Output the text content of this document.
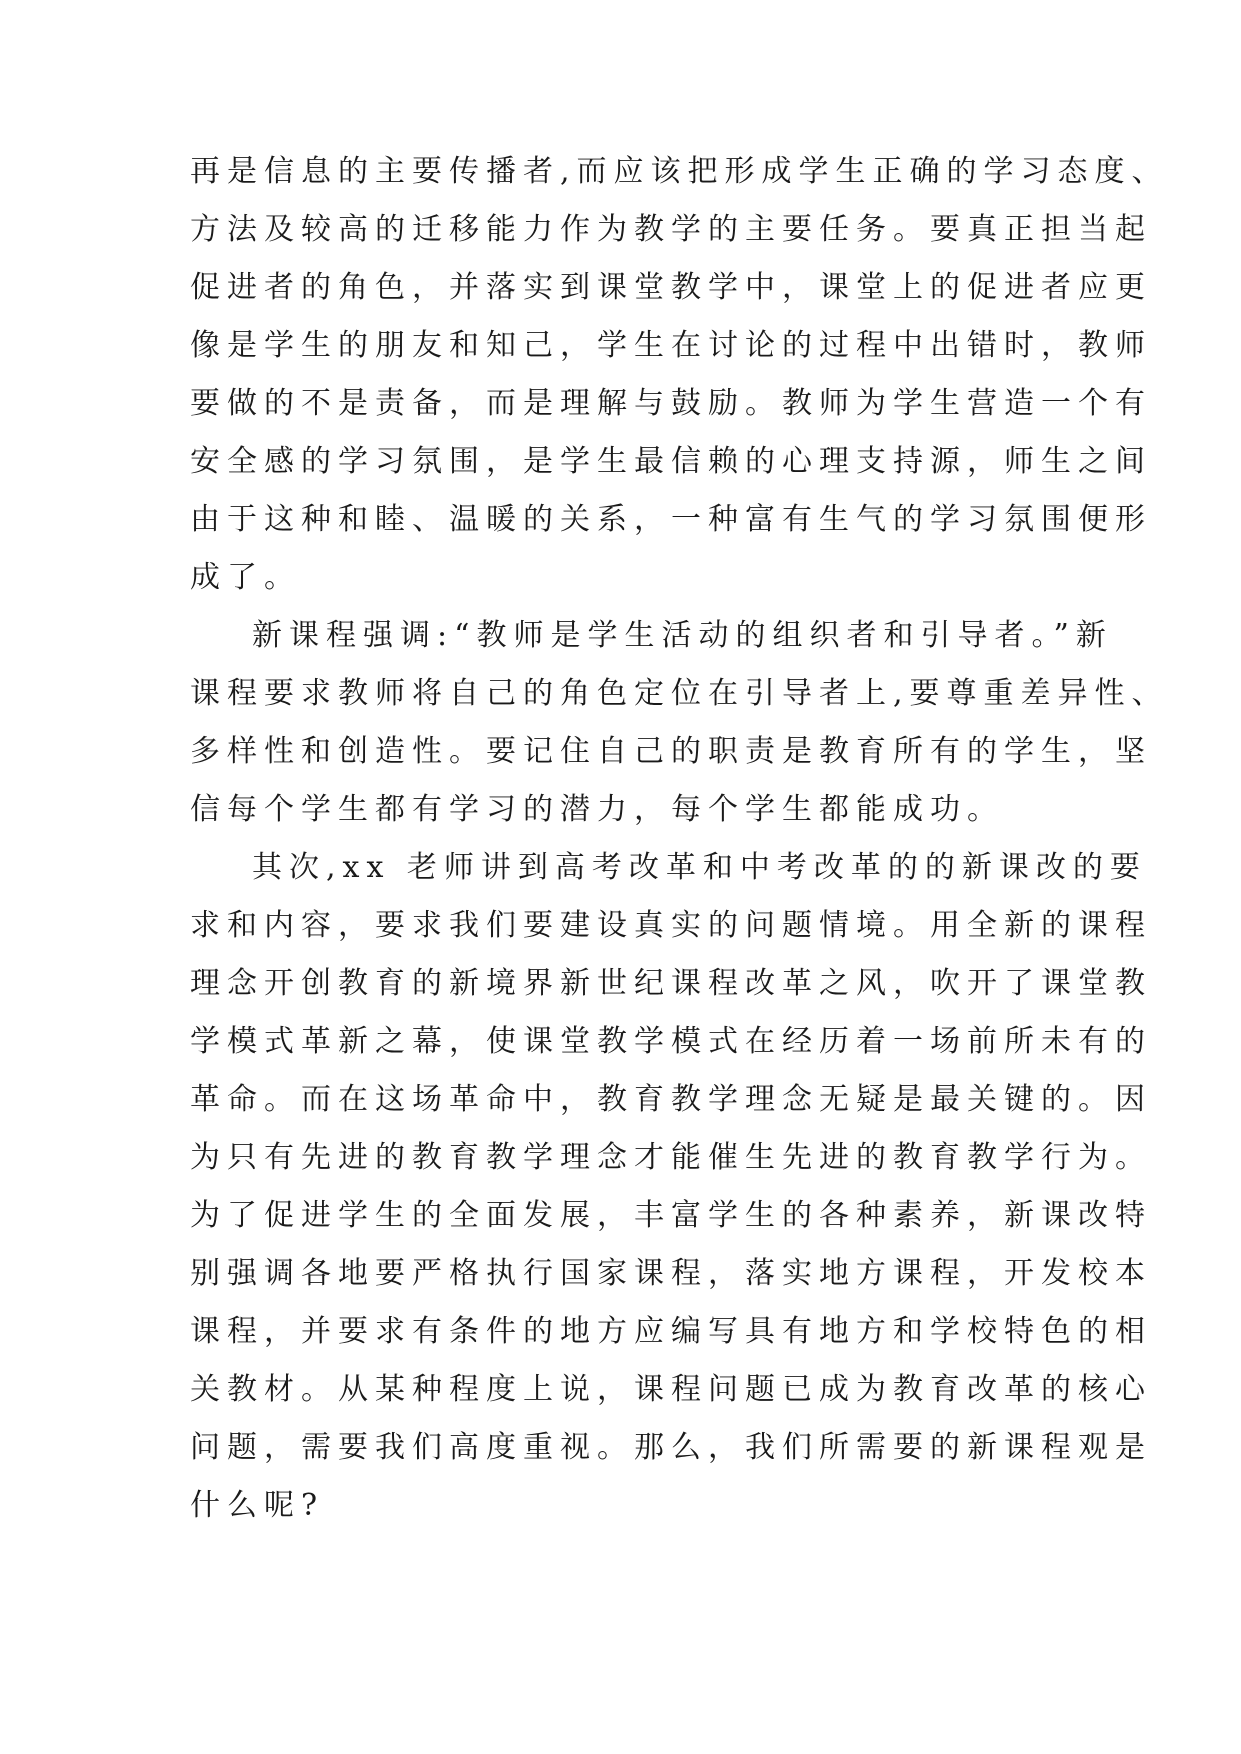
再是信息的主要传播者,而应该把形成学生正确的学习态度、

方法及较高的迁移能力作为教学的主要任务。要真正担当起

促进者的角色，并落实到课堂教学中，课堂上的促进者应更

像是学生的朋友和知己，学生在讨论的过程中出错时，教师

要做的不是责备，而是理解与鼓励。教师为学生营造一个有

安全感的学习氛围，是学生最信赖的心理支持源，师生之间

由于这种和睦、温暖的关系，一种富有生气的学习氛围便形

成了。

新课程强调:“教师是学生活动的组织者和引导者。”新

课程要求教师将自己的角色定位在引导者上,要尊重差异性、

多样性和创造性。要记住自己的职责是教育所有的学生，坚

信每个学生都有学习的潜力，每个学生都能成功。

其次,xx 老师讲到高考改革和中考改革的的新课改的要

求和内容，要求我们要建设真实的问题情境。用全新的课程

理念开创教育的新境界新世纪课程改革之风，吹开了课堂教

学模式革新之幕，使课堂教学模式在经历着一场前所未有的

革命。而在这场革命中，教育教学理念无疑是最关键的。因

为只有先进的教育教学理念才能催生先进的教育教学行为。

为了促进学生的全面发展，丰富学生的各种素养，新课改特

别强调各地要严格执行国家课程，落实地方课程，开发校本

课程，并要求有条件的地方应编写具有地方和学校特色的相

关教材。从某种程度上说，课程问题已成为教育改革的核心

问题，需要我们高度重视。那么，我们所需要的新课程观是

什么呢?
